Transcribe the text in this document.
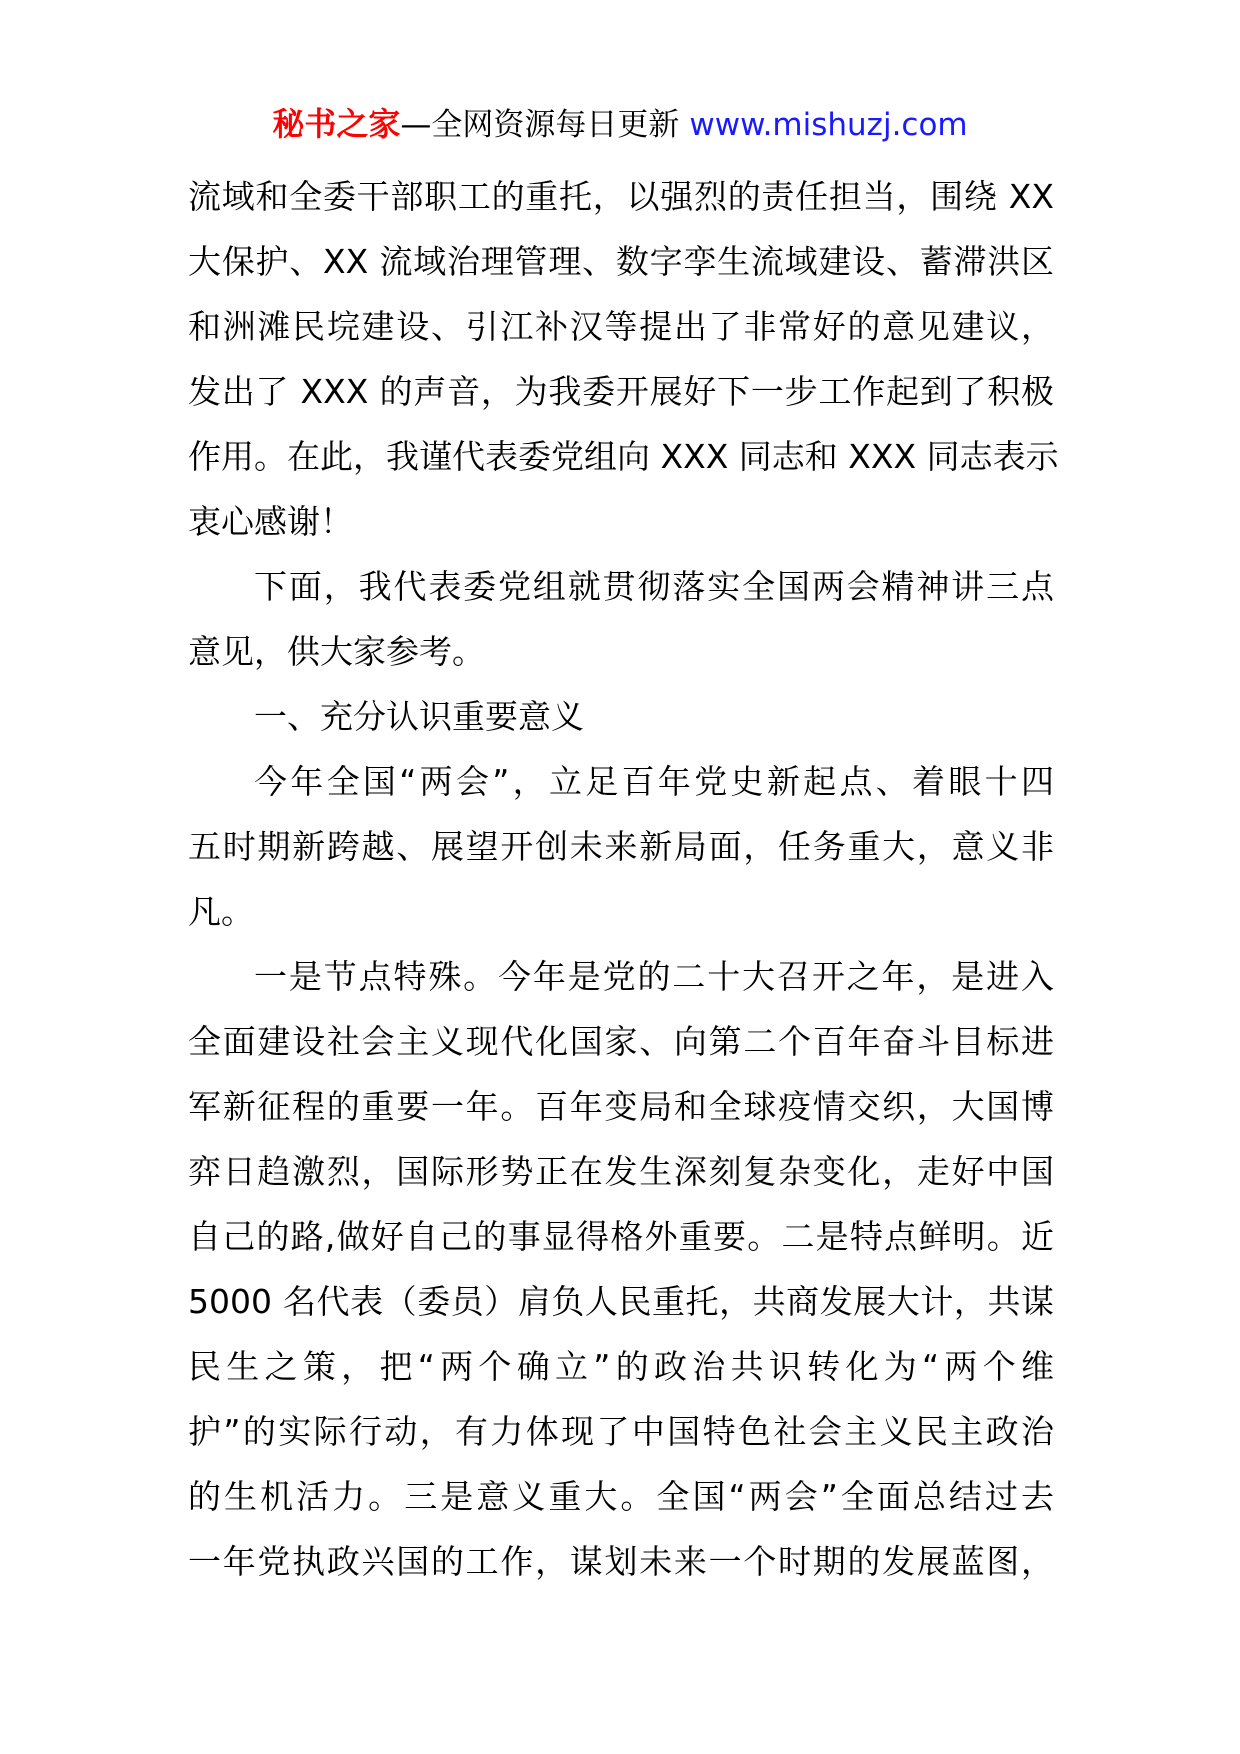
秘书之家—全网资源每日更新 www.mishuzj.com
流域和全委干部职工的重托，以强烈的责任担当，围绕 XX
大保护、XX 流域治理管理、数字孪生流域建设、蓄滞洪区
和洲滩民垸建设、引江补汉等提出了非常好的意见建议，
发出了 XXX 的声音，为我委开展好下一步工作起到了积极
作用。在此，我谨代表委党组向 XXX 同志和 XXX 同志表示
衷心感谢！
下面，我代表委党组就贯彻落实全国两会精神讲三点
意见，供大家参考。
一、充分认识重要意义
今年全国“两会”，立足百年党史新起点、着眼十四
五时期新跨越、展望开创未来新局面，任务重大，意义非
凡。
一是节点特殊。今年是党的二十大召开之年，是进入
全面建设社会主义现代化国家、向第二个百年奋斗目标进
军新征程的重要一年。百年变局和全球疫情交织，大国博
弈日趋激烈，国际形势正在发生深刻复杂变化，走好中国
自己的路,做好自己的事显得格外重要。二是特点鲜明。近
5000 名代表（委员）肩负人民重托，共商发展大计，共谋
民生之策，把“两个确立”的政治共识转化为“两个维
护”的实际行动，有力体现了中国特色社会主义民主政治
的生机活力。三是意义重大。全国“两会”全面总结过去
一年党执政兴国的工作，谋划未来一个时期的发展蓝图，
